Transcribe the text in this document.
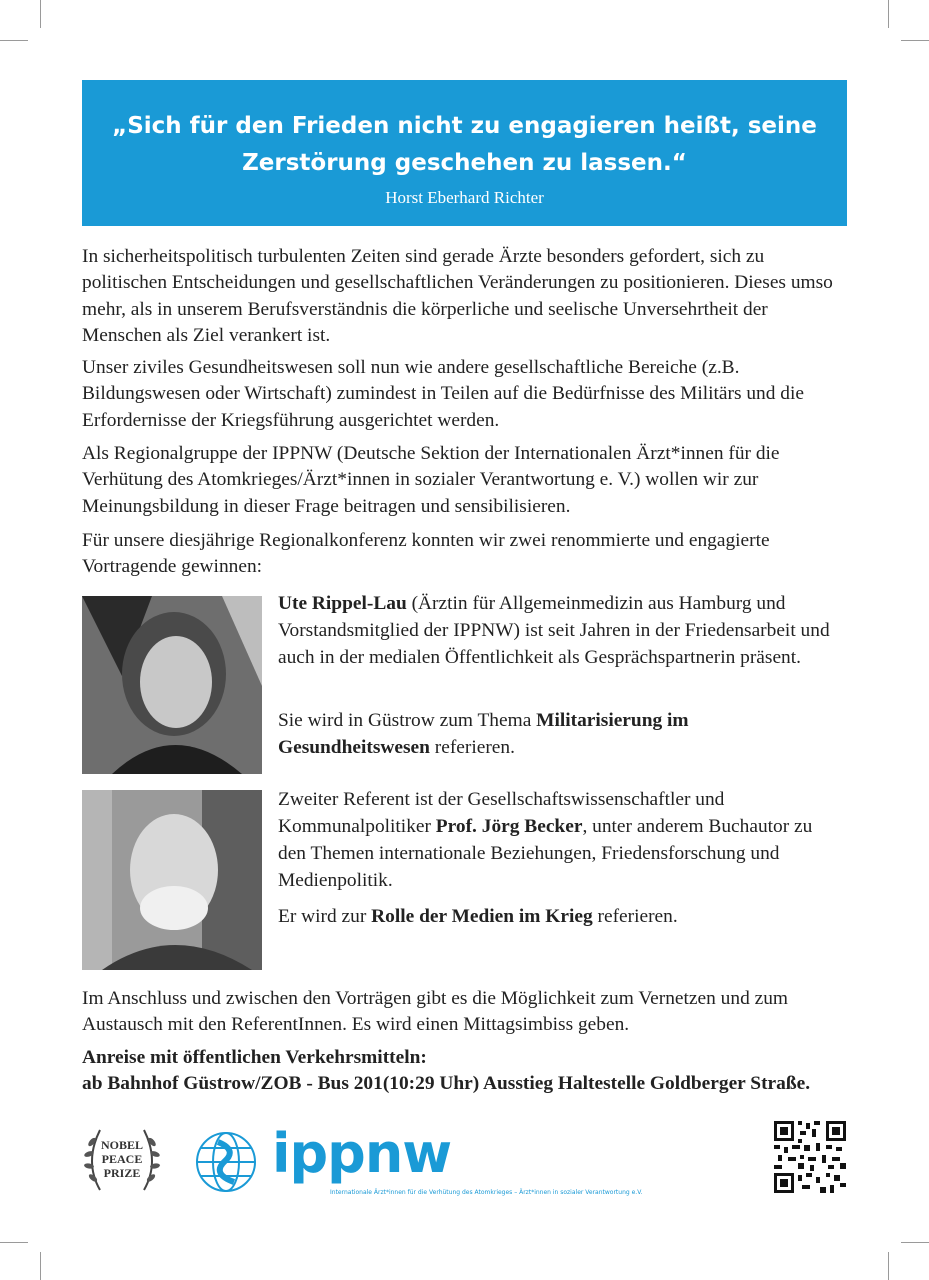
„Sich für den Frieden nicht zu engagieren heißt, seine
Zerstörung geschehen zu lassen.“
Horst Eberhard Richter

In sicherheitspolitisch turbulenten Zeiten sind gerade Ärzte besonders gefordert, sich zu politischen Entscheidungen und gesellschaftlichen Veränderungen zu positionieren. Dieses umso mehr, als in unserem Berufsverständnis die körperliche und seelische Unversehrtheit der Menschen als Ziel verankert ist.

Unser ziviles Gesundheitswesen soll nun wie andere gesellschaftliche Bereiche (z.B. Bildungswesen oder Wirtschaft) zumindest in Teilen auf die Bedürfnisse des Militärs und die Erfordernisse der Kriegsführung ausgerichtet werden.

Als Regionalgruppe der IPPNW (Deutsche Sektion der Internationalen Ärzt*innen für die Verhütung des Atomkrieges/Ärzt*innen in sozialer Verantwortung e. V.) wollen wir zur Meinungsbildung in dieser Frage beitragen und sensibilisieren.

Für unsere diesjährige Regionalkonferenz konnten wir zwei renommierte und engagierte Vortragende gewinnen:

Ute Rippel-Lau (Ärztin für Allgemeinmedizin aus Hamburg und Vorstandsmitglied der IPPNW) ist seit Jahren in der Friedensarbeit und auch in der medialen Öffentlichkeit als Gesprächspartnerin präsent.

Sie wird in Güstrow zum Thema Militarisierung im Gesundheitswesen referieren.

Zweiter Referent ist der Gesellschaftswissenschaftler und Kommunalpolitiker Prof. Jörg Becker, unter anderem Buchautor zu den Themen internationale Beziehungen, Friedensforschung und Medienpolitik.

Er wird zur Rolle der Medien im Krieg referieren.

Im Anschluss und zwischen den Vorträgen gibt es die Möglichkeit zum Vernetzen und zum Austausch mit den ReferentInnen. Es wird einen Mittagsimbiss geben.

Anreise mit öffentlichen Verkehrsmitteln:
ab Bahnhof Güstrow/ZOB - Bus 201(10:29 Uhr) Ausstieg Haltestelle Goldberger Straße.

NOBEL
PEACE
PRIZE	ippnw
Internationale Ärzt*innen für die Verhütung des Atomkrieges – Ärzt*innen in sozialer Verantwortung e.V.
